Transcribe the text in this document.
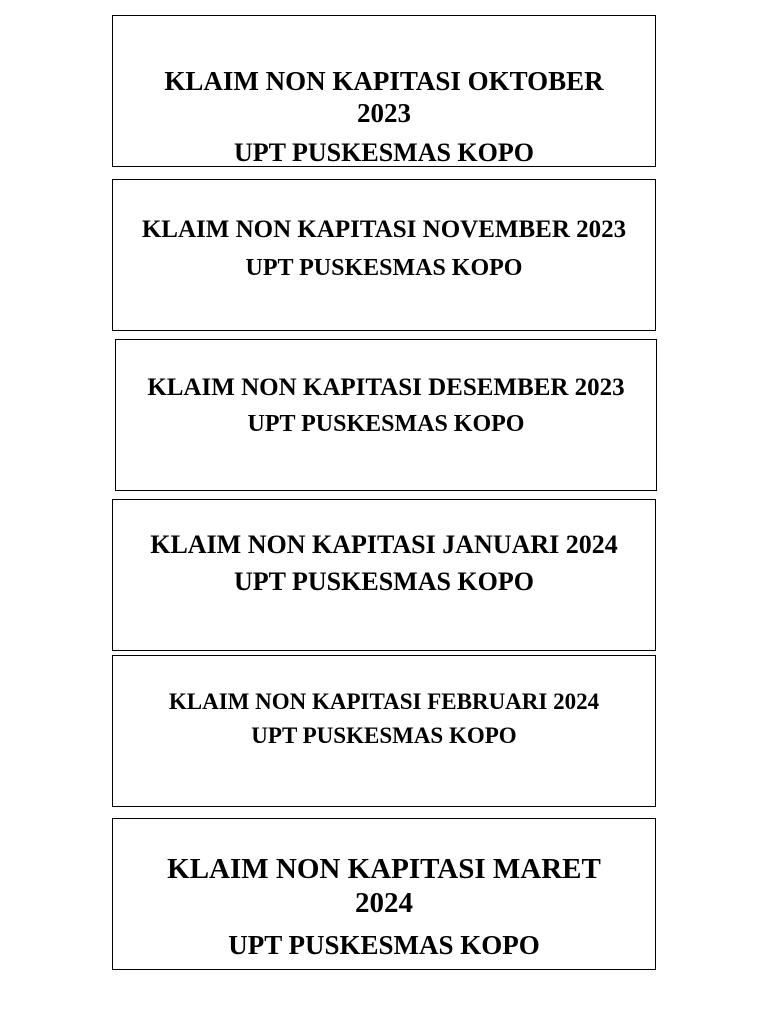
KLAIM NON KAPITASI OKTOBER 2023

UPT PUSKESMAS KOPO

KLAIM NON KAPITASI NOVEMBER 2023

UPT PUSKESMAS KOPO

KLAIM NON KAPITASI DESEMBER 2023

UPT PUSKESMAS KOPO

KLAIM NON KAPITASI JANUARI 2024

UPT PUSKESMAS KOPO

KLAIM NON KAPITASI FEBRUARI 2024

UPT PUSKESMAS KOPO

KLAIM NON KAPITASI MARET 2024

UPT PUSKESMAS KOPO
